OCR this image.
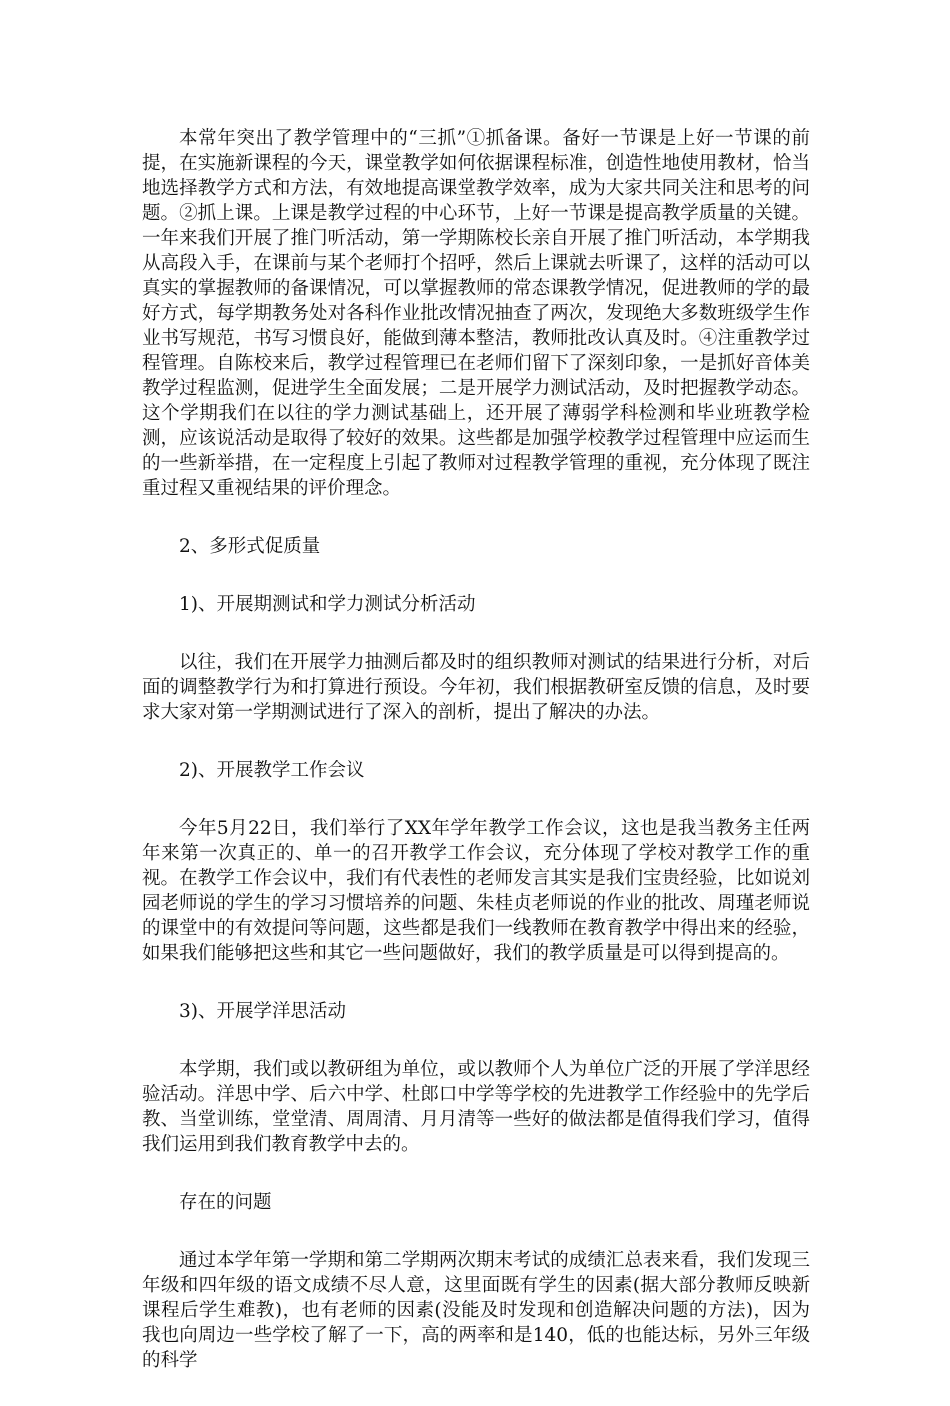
本常年突出了教学管理中的“三抓”①抓备课。备好一节课是上好一节课的前提，在实施新课程的今天，课堂教学如何依据课程标准，创造性地使用教材，恰当地选择教学方式和方法，有效地提高课堂教学效率，成为大家共同关注和思考的问题。②抓上课。上课是教学过程的中心环节，上好一节课是提高教学质量的关键。一年来我们开展了推门听活动，第一学期陈校长亲自开展了推门听活动，本学期我从高段入手，在课前与某个老师打个招呼，然后上课就去听课了，这样的活动可以真实的掌握教师的备课情况，可以掌握教师的常态课教学情况，促进教师的学的最好方式，每学期教务处对各科作业批改情况抽查了两次，发现绝大多数班级学生作业书写规范，书写习惯良好，能做到薄本整洁，教师批改认真及时。④注重教学过程管理。自陈校来后，教学过程管理已在老师们留下了深刻印象，一是抓好音体美教学过程监测，促进学生全面发展；二是开展学力测试活动，及时把握教学动态。这个学期我们在以往的学力测试基础上，还开展了薄弱学科检测和毕业班教学检测，应该说活动是取得了较好的效果。这些都是加强学校教学过程管理中应运而生的一些新举措，在一定程度上引起了教师对过程教学管理的重视，充分体现了既注重过程又重视结果的评价理念。

2、多形式促质量

1)、开展期测试和学力测试分析活动

以往，我们在开展学力抽测后都及时的组织教师对测试的结果进行分析，对后面的调整教学行为和打算进行预设。今年初，我们根据教研室反馈的信息，及时要求大家对第一学期测试进行了深入的剖析，提出了解决的办法。

2)、开展教学工作会议

今年5月22日，我们举行了XX年学年教学工作会议，这也是我当教务主任两年来第一次真正的、单一的召开教学工作会议，充分体现了学校对教学工作的重视。在教学工作会议中，我们有代表性的老师发言其实是我们宝贵经验，比如说刘园老师说的学生的学习习惯培养的问题、朱桂贞老师说的作业的批改、周瑾老师说的课堂中的有效提问等问题，这些都是我们一线教师在教育教学中得出来的经验，如果我们能够把这些和其它一些问题做好，我们的教学质量是可以得到提高的。

3)、开展学洋思活动

本学期，我们或以教研组为单位，或以教师个人为单位广泛的开展了学洋思经验活动。洋思中学、后六中学、杜郎口中学等学校的先进教学工作经验中的先学后教、当堂训练，堂堂清、周周清、月月清等一些好的做法都是值得我们学习，值得我们运用到我们教育教学中去的。

存在的问题

通过本学年第一学期和第二学期两次期末考试的成绩汇总表来看，我们发现三年级和四年级的语文成绩不尽人意，这里面既有学生的因素(据大部分教师反映新课程后学生难教)，也有老师的因素(没能及时发现和创造解决问题的方法)，因为我也向周边一些学校了解了一下，高的两率和是140，低的也能达标，另外三年级的科学
